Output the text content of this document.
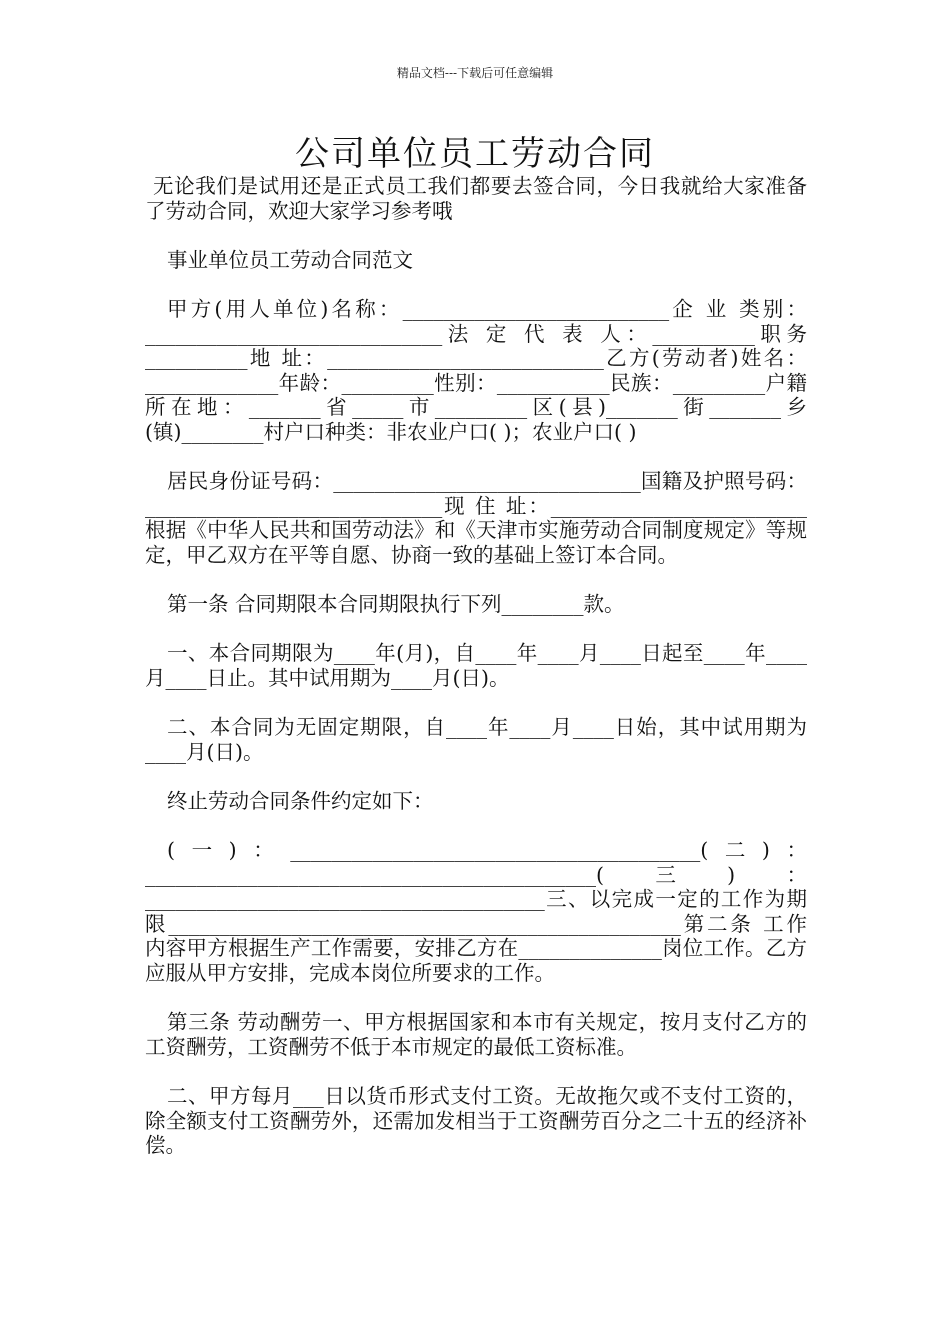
精品文档---下载后可任意编辑
公司单位员工劳动合同

无论我们是试用还是正式员工我们都要去签合同，今日我就给大家准备了劳动合同，欢迎大家学习参考哦

事业单位员工劳动合同范文

甲方(用人单位)名称：__________________________企 业 类别：_____________________________法 定 代 表 人：__________职务__________地 址：___________________________乙方(劳动者)姓名：_____________年龄：_________性别：___________民族：_________户籍所在地：_______省_____市_________区(县)_______街_______乡(镇)________村户口种类：非农业户口( )；农业户口( )

居民身份证号码：______________________________国籍及护照号码：_____________________________现 住 址：_________________________根据《中华人民共和国劳动法》和《天津市实施劳动合同制度规定》等规定，甲乙双方在平等自愿、协商一致的基础上签订本合同。

第一条 合同期限本合同期限执行下列________款。

一、本合同期限为____年(月)，自____年____月____日起至____年____月____日止。其中试用期为____月(日)。

二、本合同为无固定期限，自____年____月____日始，其中试用期为____月(日)。

终止劳动合同条件约定如下：

(一)：________________________________________(二)：____________________________________________(三)：_______________________________________三、以完成一定的工作为期限__________________________________________________第二条 工作内容甲方根据生产工作需要，安排乙方在______________岗位工作。乙方应服从甲方安排，完成本岗位所要求的工作。

第三条 劳动酬劳一、甲方根据国家和本市有关规定，按月支付乙方的工资酬劳，工资酬劳不低于本市规定的最低工资标准。

二、甲方每月___日以货币形式支付工资。无故拖欠或不支付工资的，除全额支付工资酬劳外，还需加发相当于工资酬劳百分之二十五的经济补偿。
